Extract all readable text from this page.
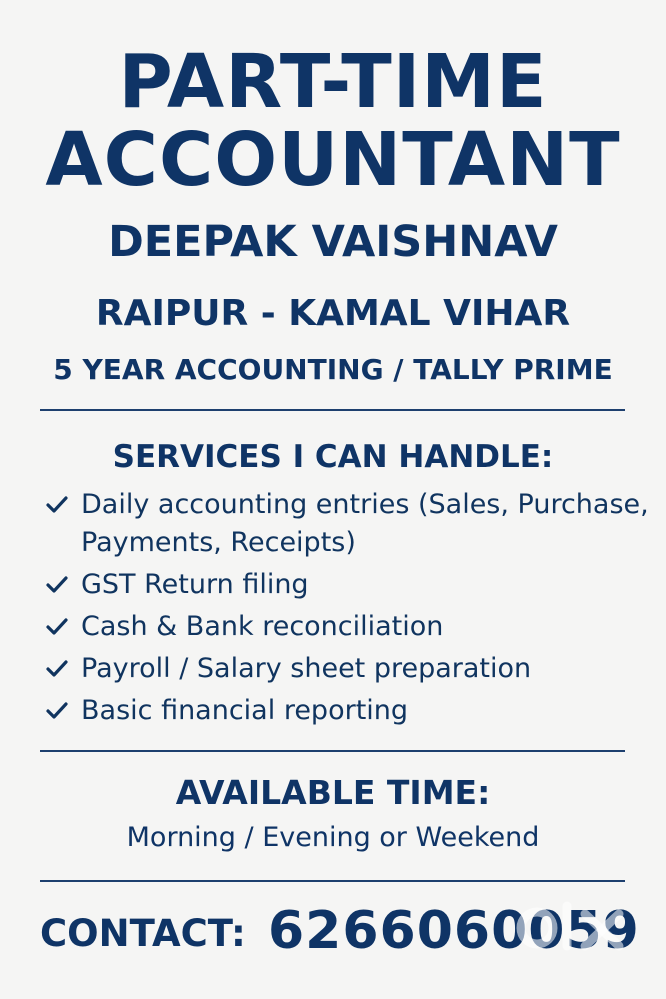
PART-TIME
ACCOUNTANT
DEEPAK VAISHNAV
RAIPUR - KAMAL VIHAR
5 YEAR ACCOUNTING / TALLY PRIME
SERVICES I CAN HANDLE:
Daily accounting entries (Sales, Purchase, Payments, Receipts)
GST Return filing
Cash & Bank reconciliation
Payroll / Salary sheet preparation
Basic financial reporting
AVAILABLE TIME:
Morning / Evening or Weekend
CONTACT: 6266060059
